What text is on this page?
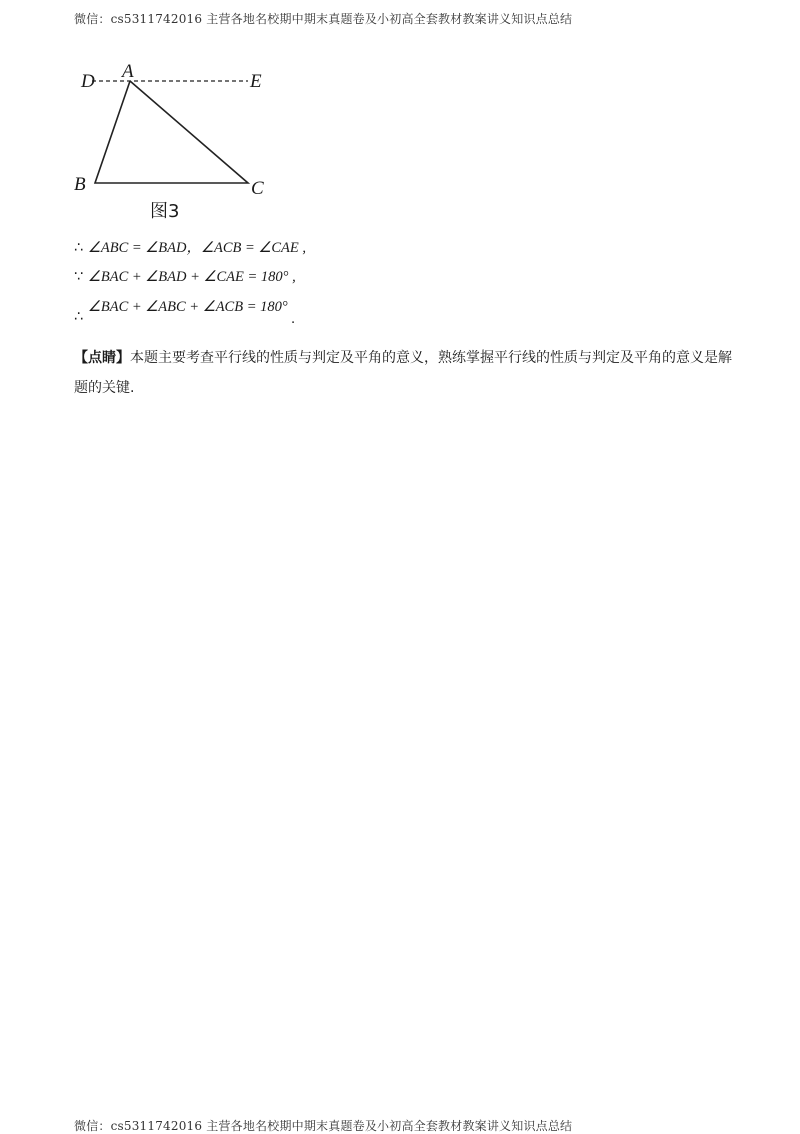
微信：cs5311742016 主营各地名校期中期末真题卷及小初高全套教材教案讲义知识点总结
D A	E
B	C
图3
∴ ∠ABC = ∠BAD，∠ACB = ∠CAE ,
∵ ∠BAC + ∠BAD + ∠CAE = 180° ,
∴ ∠BAC + ∠ABC + ∠ACB = 180° .
【点睛】本题主要考查平行线的性质与判定及平角的意义，熟练掌握平行线的性质与判定及平角的意义是解题的关键.
微信：cs5311742016 主营各地名校期中期末真题卷及小初高全套教材教案讲义知识点总结
